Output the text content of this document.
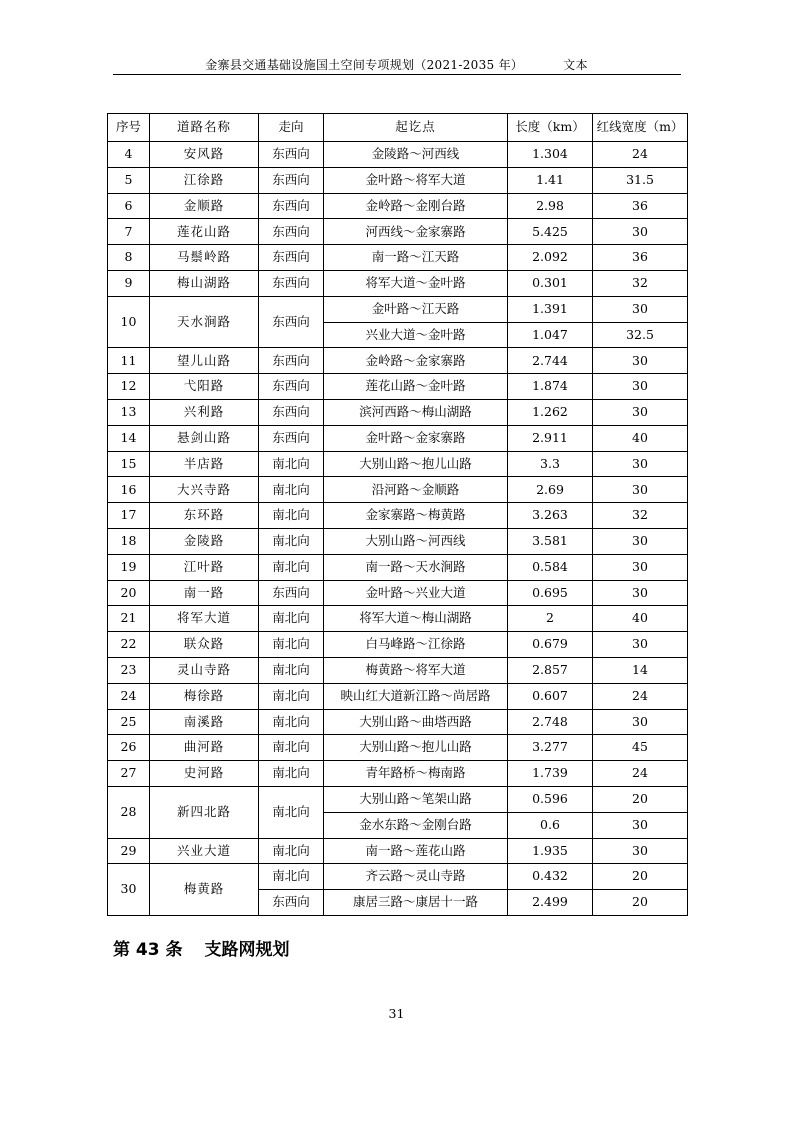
金寨县交通基础设施国土空间专项规划（2021-2035 年）	文本
序号	道路名称	走向	起讫点	长度（km）	红线宽度（m）
4	安风路	东西向	金陵路～河西线	1.304	24
5	江徐路	东西向	金叶路～将军大道	1.41	31.5
6	金顺路	东西向	金岭路～金刚台路	2.98	36
7	莲花山路	东西向	河西线～金家寨路	5.425	30
8	马鬃岭路	东西向	南一路～江天路	2.092	36
9	梅山湖路	东西向	将军大道～金叶路	0.301	32
10	天水涧路	东西向	金叶路～江天路	1.391	30
			兴业大道～金叶路	1.047	32.5
11	望儿山路	东西向	金岭路～金家寨路	2.744	30
12	弋阳路	东西向	莲花山路～金叶路	1.874	30
13	兴利路	东西向	滨河西路～梅山湖路	1.262	30
14	悬剑山路	东西向	金叶路～金家寨路	2.911	40
15	半店路	南北向	大别山路～抱儿山路	3.3	30
16	大兴寺路	南北向	沿河路～金顺路	2.69	30
17	东环路	南北向	金家寨路～梅黄路	3.263	32
18	金陵路	南北向	大别山路～河西线	3.581	30
19	江叶路	南北向	南一路～天水涧路	0.584	30
20	南一路	东西向	金叶路～兴业大道	0.695	30
21	将军大道	南北向	将军大道～梅山湖路	2	40
22	联众路	南北向	白马峰路～江徐路	0.679	30
23	灵山寺路	南北向	梅黄路～将军大道	2.857	14
24	梅徐路	南北向	映山红大道新江路～尚居路	0.607	24
25	南溪路	南北向	大别山路～曲塔西路	2.748	30
26	曲河路	南北向	大别山路～抱儿山路	3.277	45
27	史河路	南北向	青年路桥～梅南路	1.739	24
28	新四北路	南北向	大别山路～笔架山路	0.596	20
			金水东路～金刚台路	0.6	30
29	兴业大道	南北向	南一路～莲花山路	1.935	30
30	梅黄路	南北向	齐云路～灵山寺路	0.432	20
		东西向	康居三路～康居十一路	2.499	20
第 43 条 支路网规划
31
